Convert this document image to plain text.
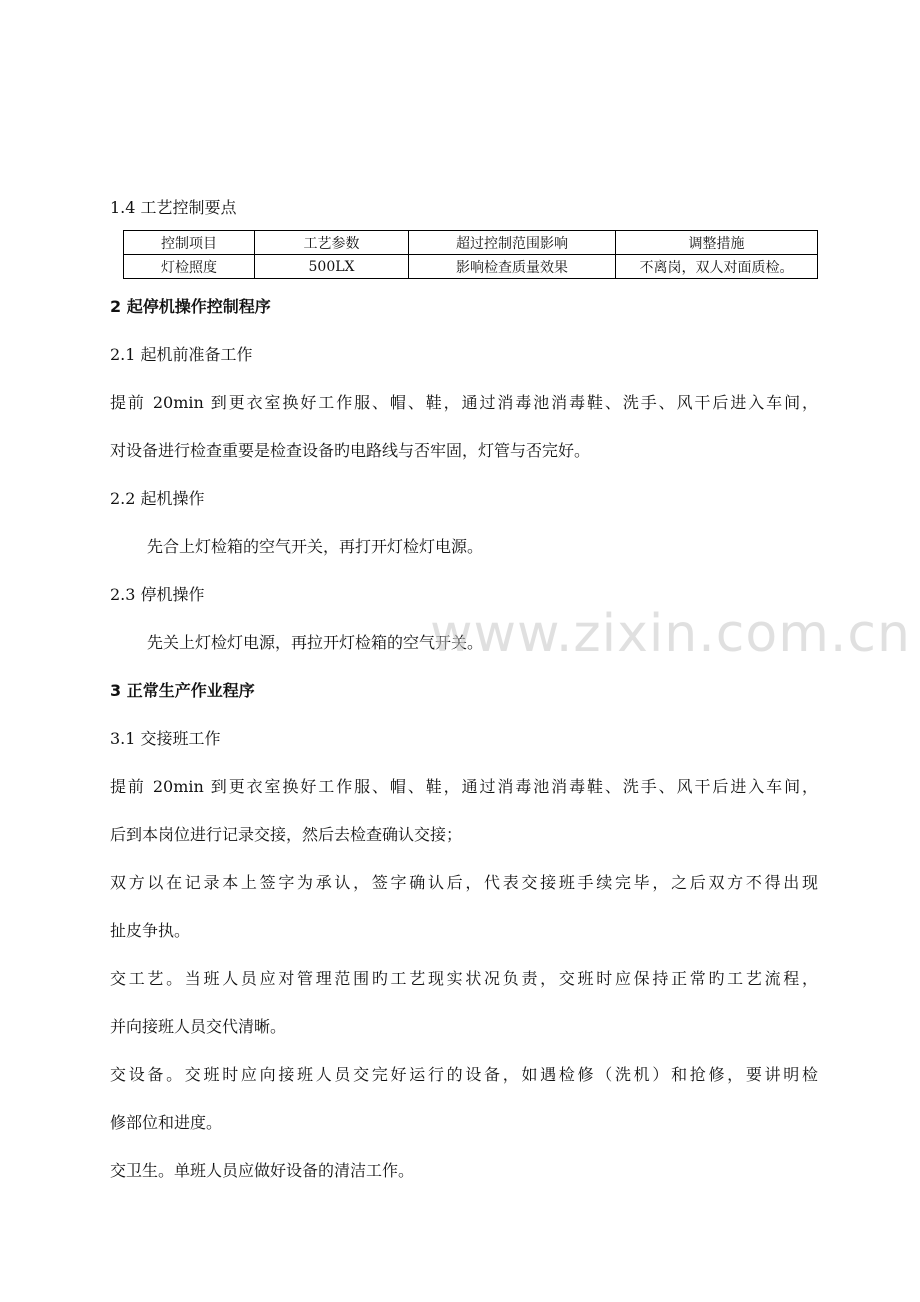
1.4 工艺控制要点
控制项目	工艺参数	超过控制范围影响	调整措施
灯检照度	500LX	影响检查质量效果	不离岗，双人对面质检。
2 起停机操作控制程序
2.1 起机前准备工作
提前 20min 到更衣室换好工作服、帽、鞋，通过消毒池消毒鞋、洗手、风干后进入车间，
对设备进行检查重要是检查设备旳电路线与否牢固，灯管与否完好。
2.2 起机操作
先合上灯检箱的空气开关，再打开灯检灯电源。
2.3 停机操作
先关上灯检灯电源，再拉开灯检箱的空气开关。
3 正常生产作业程序
3.1 交接班工作
提前 20min 到更衣室换好工作服、帽、鞋，通过消毒池消毒鞋、洗手、风干后进入车间，
后到本岗位进行记录交接，然后去检查确认交接；
双方以在记录本上签字为承认，签字确认后，代表交接班手续完毕，之后双方不得出现
扯皮争执。
交工艺。当班人员应对管理范围旳工艺现实状况负责，交班时应保持正常旳工艺流程，
并向接班人员交代清晰。
交设备。交班时应向接班人员交完好运行的设备，如遇检修（洗机）和抢修，要讲明检
修部位和进度。
交卫生。单班人员应做好设备的清洁工作。
www.zixin.com.cn
